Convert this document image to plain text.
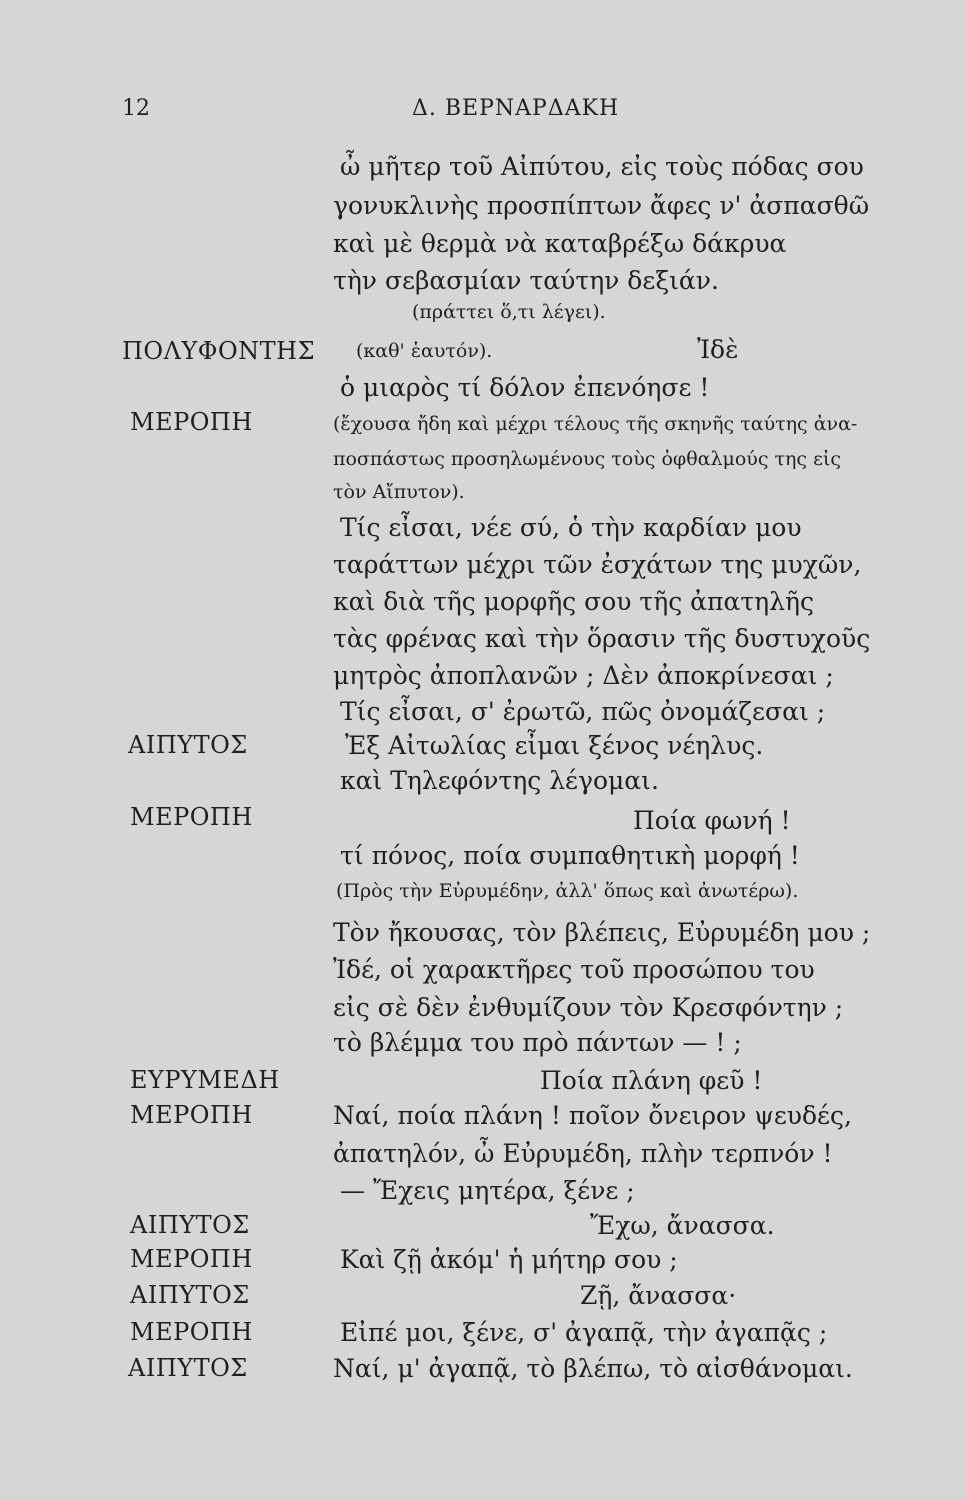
12	Δ. ΒΕΡΝΑΡΔΑΚΗ
ὦ μῆτερ τοῦ Αἰπύτου, εἰς τοὺς πόδας σου
γονυκλινὴς προσπίπτων ἄφες ν' ἀσπασθῶ
καὶ μὲ θερμὰ νὰ καταβρέξω δάκρυα
τὴν σεβασμίαν ταύτην δεξιάν.
(πράττει ὅ,τι λέγει).
ΠΟΛΥΦΟΝΤΗΣ (καθ' ἑαυτόν).	Ἰδὲ
ὁ μιαρὸς τί δόλον ἐπενόησε !
ΜΕΡΟΠΗ	(ἔχουσα ἤδη καὶ μέχρι τέλους τῆς σκηνῆς ταύτης ἀνα-
ποσπάστως προσηλωμένους τοὺς ὀφθαλμούς της εἰς
τὸν Αἴπυτον).
Τίς εἶσαι, νέε σύ, ὁ τὴν καρδίαν μου
ταράττων μέχρι τῶν ἐσχάτων της μυχῶν,
καὶ διὰ τῆς μορφῆς σου τῆς ἀπατηλῆς
τὰς φρένας καὶ τὴν ὅρασιν τῆς δυστυχοῦς
μητρὸς ἀποπλανῶν ; Δὲν ἀποκρίνεσαι ;
Τίς εἶσαι, σ' ἐρωτῶ, πῶς ὀνομάζεσαι ;
ΑΙΠΥΤΟΣ	Ἐξ Αἰτωλίας εἶμαι ξένος νέηλυς.
καὶ Τηλεφόντης λέγομαι.
ΜΕΡΟΠΗ	Ποία φωνή !
τί πόνος, ποία συμπαθητικὴ μορφή !
(Πρὸς τὴν Εὐρυμέδην, ἀλλ' ὅπως καὶ ἀνωτέρω).
Τὸν ἤκουσας, τὸν βλέπεις, Εὐρυμέδη μου ;
Ἰδέ, οἱ χαρακτῆρες τοῦ προσώπου του
εἰς σὲ δὲν ἐνθυμίζουν τὸν Κρεσφόντην ;
τὸ βλέμμα του πρὸ πάντων — ! ;
ΕΥΡΥΜΕΔΗ	Ποία πλάνη φεῦ !
ΜΕΡΟΠΗ	Ναί, ποία πλάνη ! ποῖον ὄνειρον ψευδές,
ἀπατηλόν, ὦ Εὐρυμέδη, πλὴν τερπνόν !
— Ἔχεις μητέρα, ξένε ;
ΑΙΠΥΤΟΣ	Ἔχω, ἄνασσα.
ΜΕΡΟΠΗ	Καὶ ζῇ ἀκόμ' ἡ μήτηρ σου ;
ΑΙΠΥΤΟΣ	Ζῇ, ἄνασσα·
ΜΕΡΟΠΗ	Εἰπέ μοι, ξένε, σ' ἀγαπᾷ, τὴν ἀγαπᾷς ;
ΑΙΠΥΤΟΣ	Ναί, μ' ἀγαπᾷ, τὸ βλέπω, τὸ αἰσθάνομαι.
